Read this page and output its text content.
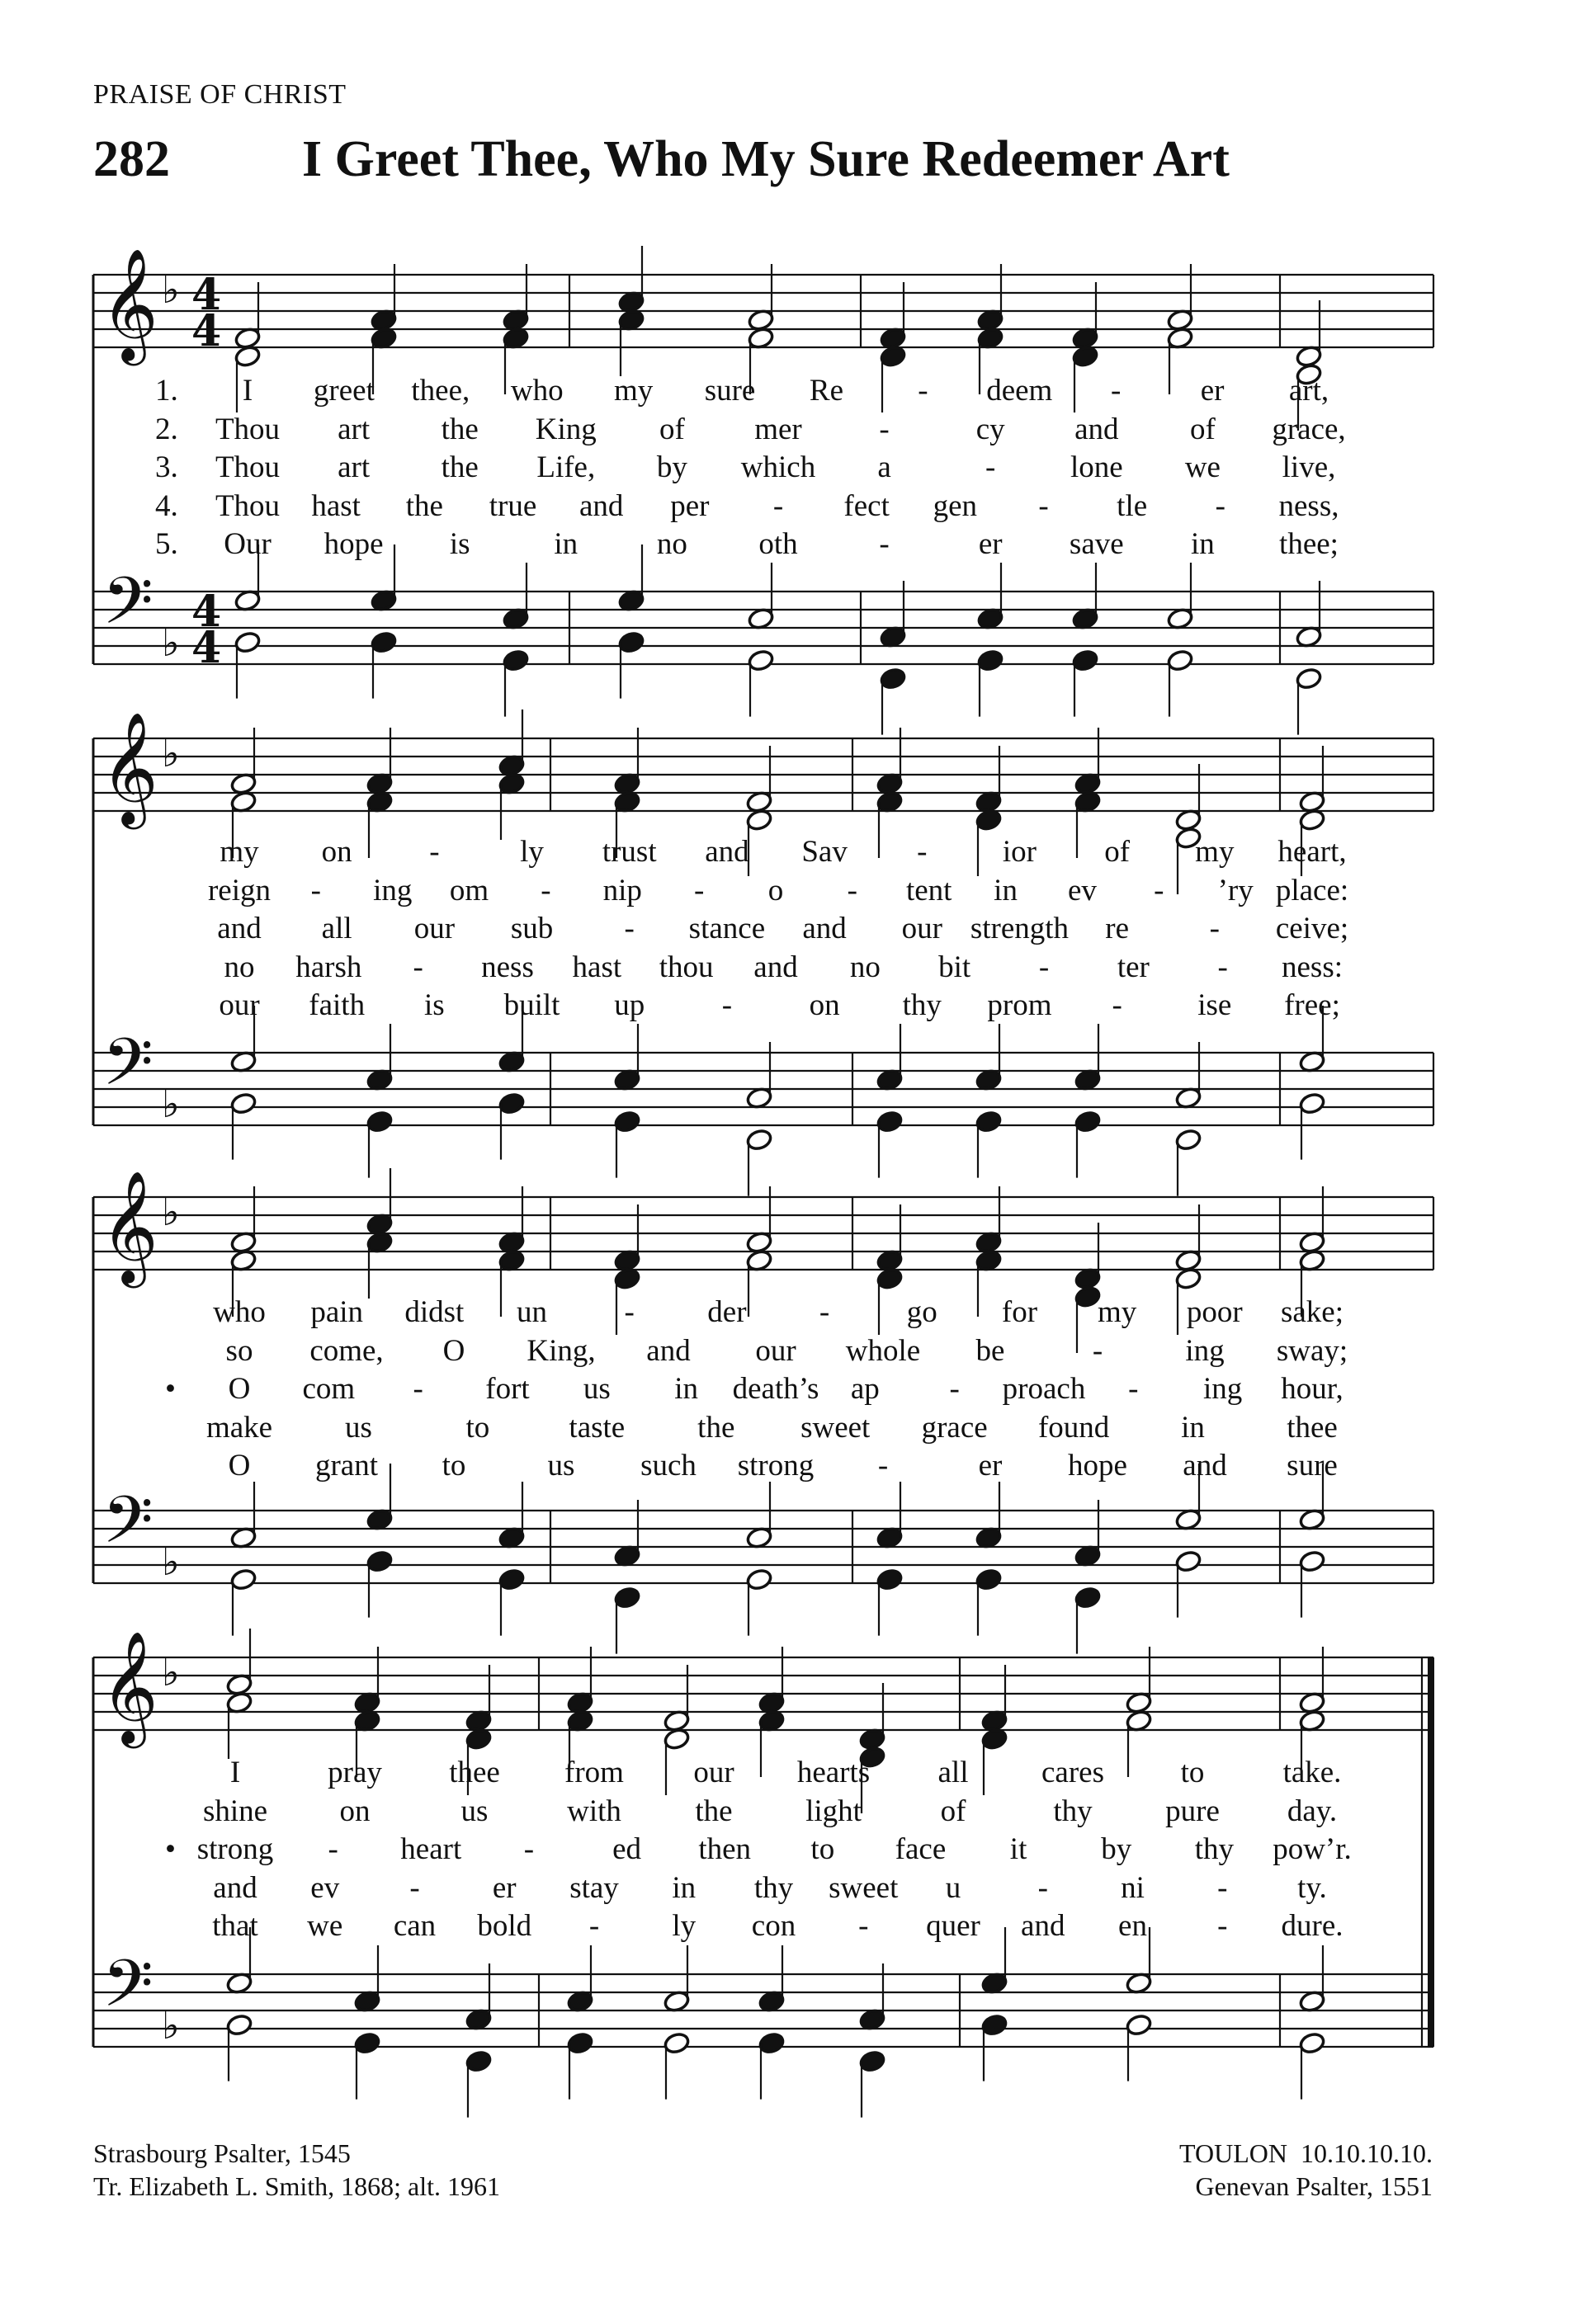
PRAISE OF CHRIST
282	I Greet Thee, Who My Sure Redeemer Art
𝄞
𝄢
♭
♭
4
4
4
4
𝄞
𝄢
♭
♭
𝄞
𝄢
♭
♭
𝄞
𝄢
♭
♭
1. I greet thee, who my sure Re - deem -	er art,
2. Thou art the King of mer	-	cy and of grace,
3. Thou art the Life, by which a	- lone we live,
4. Thou hast the true and per - fect gen - tle - ness,
5. Our hope is	in	no oth	-	er save in thee;
my on	-	ly trust and Sav - ior of my heart,
reign - ing om - nip - o - tent in ev - ’ry place:
and all our sub - stance and our strength re	- ceive;
no harsh - ness hast thou and no bit - ter - ness:
our faith is built up	-	on thy prom - ise free;
who pain didst un	- der -	go for my poor sake;
so come, O King, and our whole be	-	ing sway;
• O com - fort us in death’s ap - proach - ing hour,
make us	to	taste the sweet grace found in	thee
O grant to	us such strong -	er hope and sure
I	pray thee from our hearts all cares	to	take.
shine on	us	with the light	of	thy pure day.
• strong - heart -	ed then to face it by thy pow’r.
and ev - er stay in thy sweet u	- ni - ty.
that we can bold - ly con - quer and en - dure.
Strasbourg Psalter, 1545
Tr. Elizabeth L. Smith, 1868; alt. 1961
TOULON 10.10.10.10.
Genevan Psalter, 1551
